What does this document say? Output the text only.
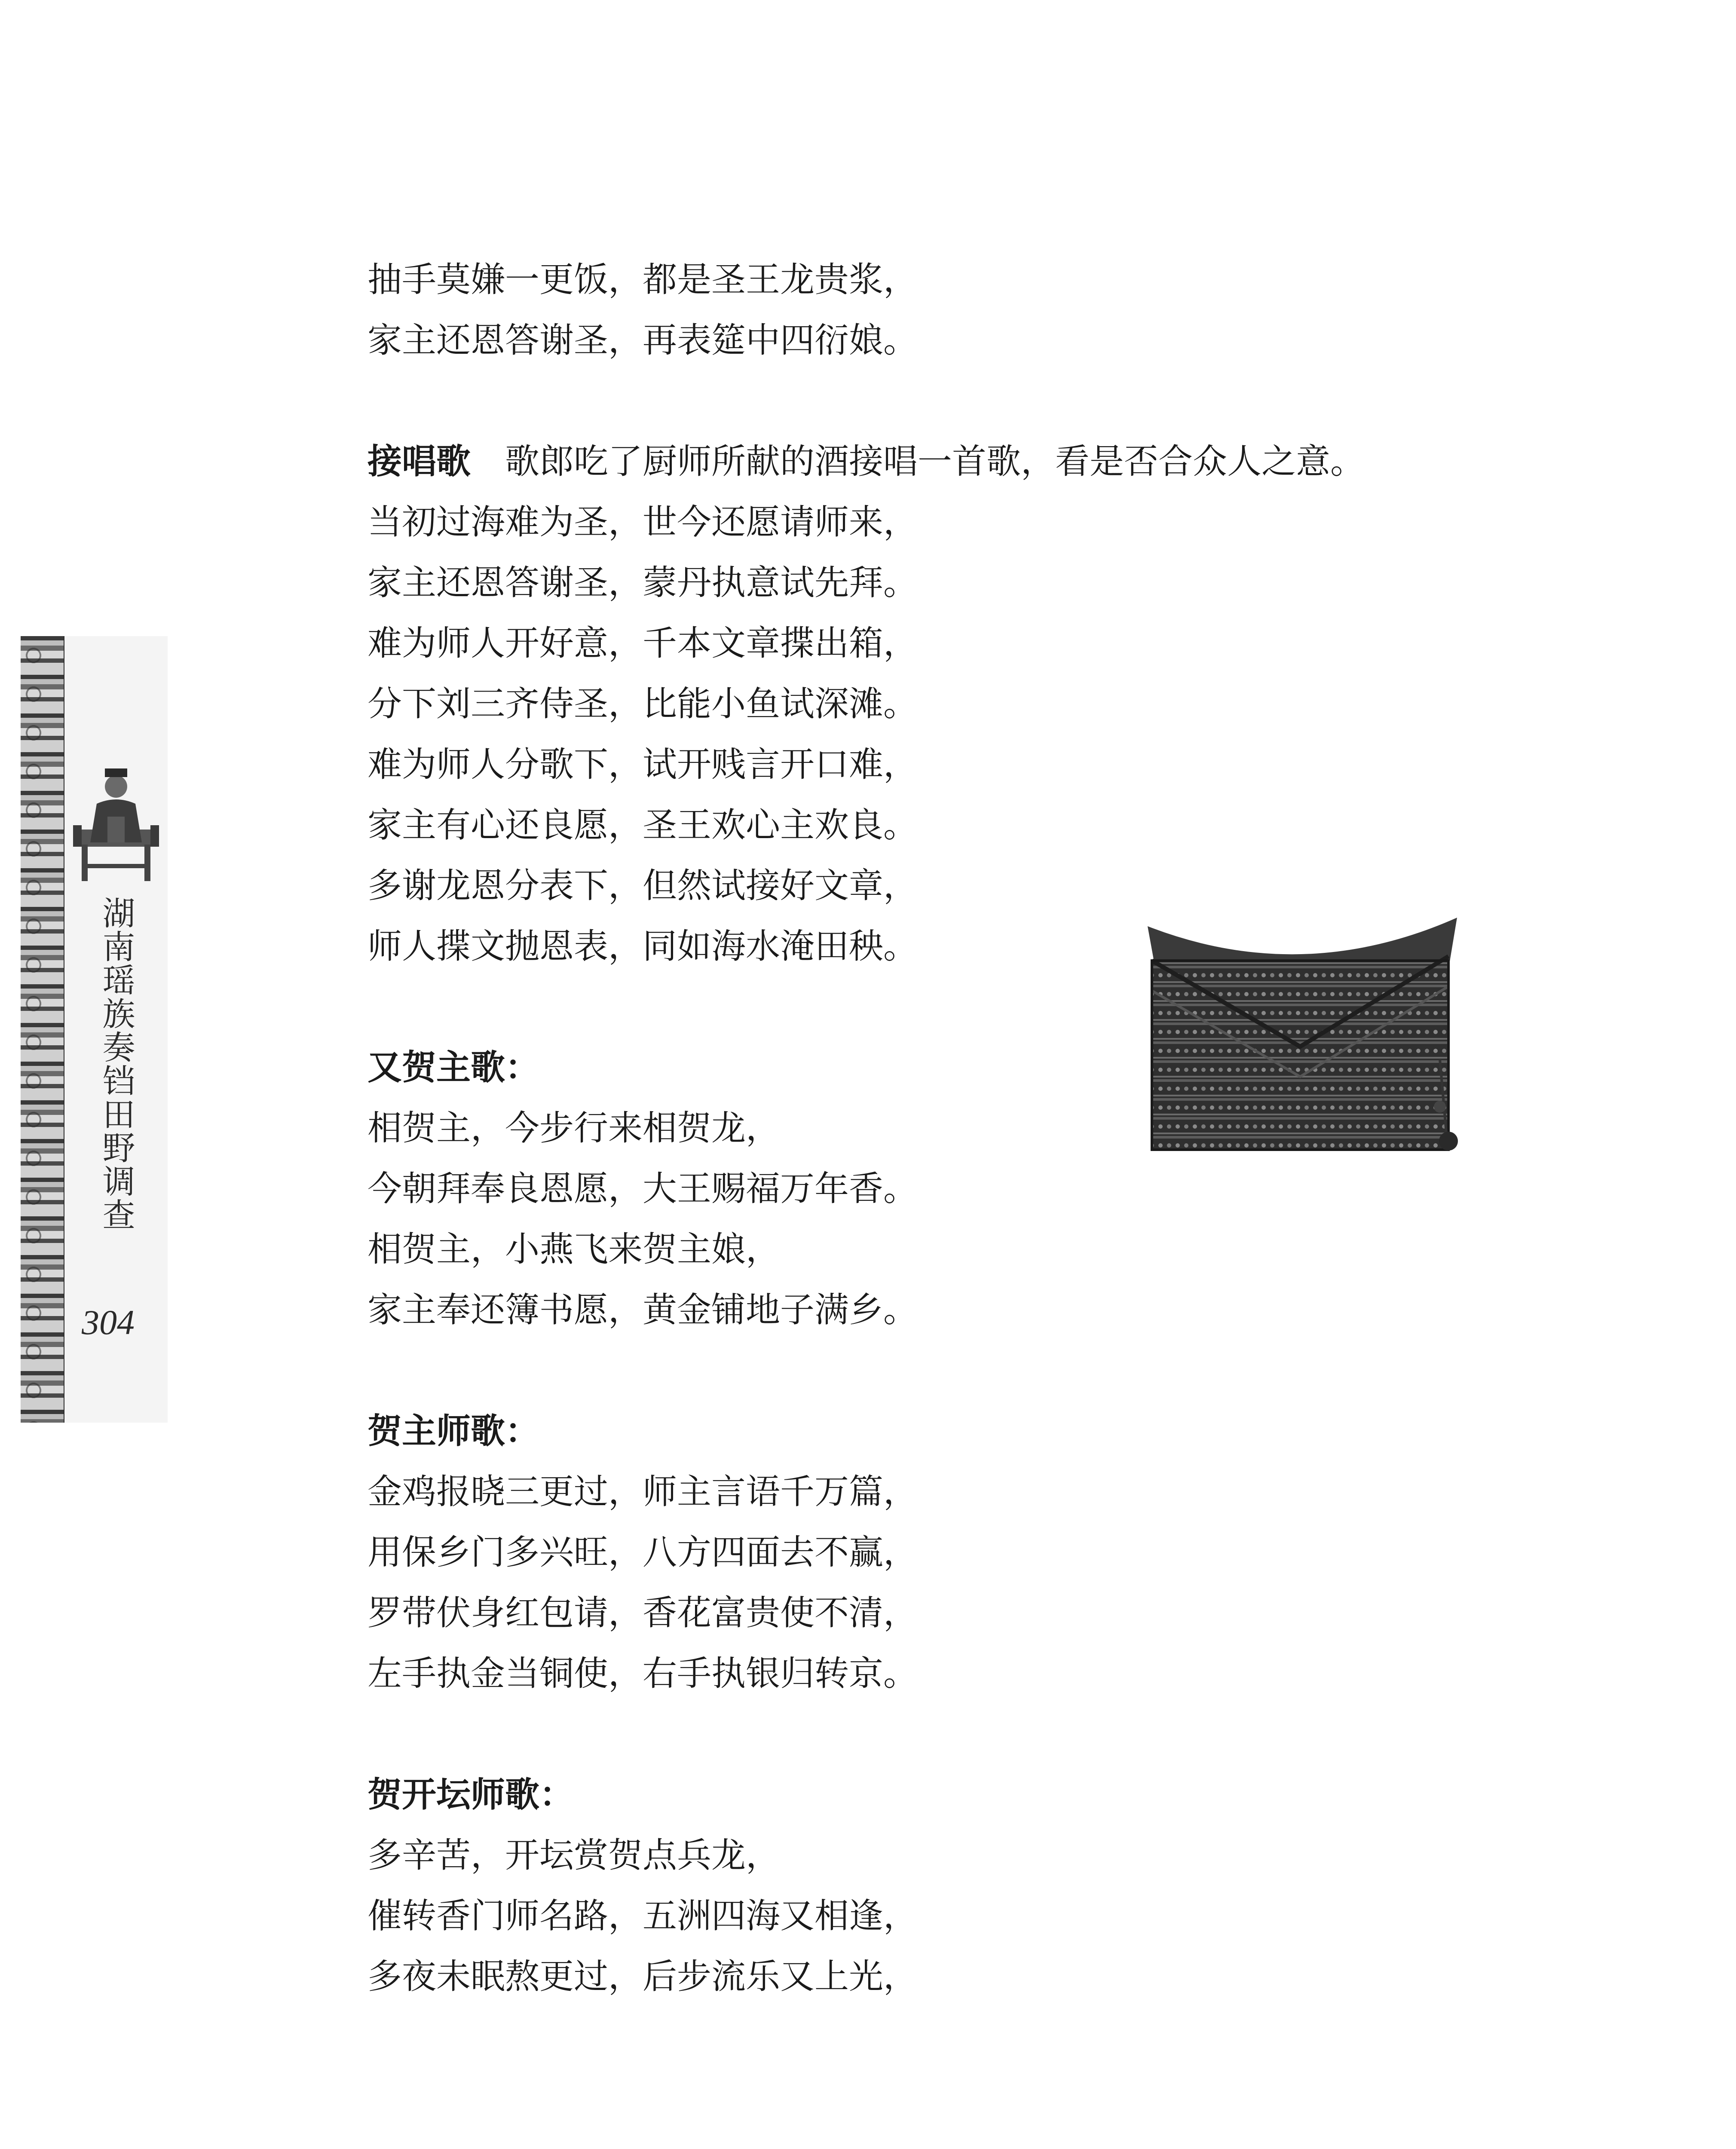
湖南瑶族奏铛田野调查
304

抽手莫嫌一更饭，都是圣王龙贵浆，

家主还恩答谢圣，再表筵中四衍娘。

接唱歌 歌郎吃了厨师所献的酒接唱一首歌，看是否合众人之意。

当初过海难为圣，世今还愿请师来，

家主还恩答谢圣，蒙丹执意试先拜。

难为师人开好意，千本文章揲出箱，

分下刘三齐侍圣，比能小鱼试深滩。

难为师人分歌下，试开贱言开口难，

家主有心还良愿，圣王欢心主欢良。

多谢龙恩分表下，但然试接好文章，

师人揲文抛恩表，同如海水淹田秧。

又贺主歌：

相贺主，今步行来相贺龙，

今朝拜奉良恩愿，大王赐福万年香。

相贺主，小燕飞来贺主娘，

家主奉还簿书愿，黄金铺地子满乡。

贺主师歌：

金鸡报晓三更过，师主言语千万篇，

用保乡门多兴旺，八方四面去不赢，

罗带伏身红包请，香花富贵使不清，

左手执金当铜使，右手执银归转京。

贺开坛师歌：

多辛苦，开坛赏贺点兵龙，

催转香门师名路，五洲四海又相逢，

多夜未眠熬更过，后步流乐又上光，
